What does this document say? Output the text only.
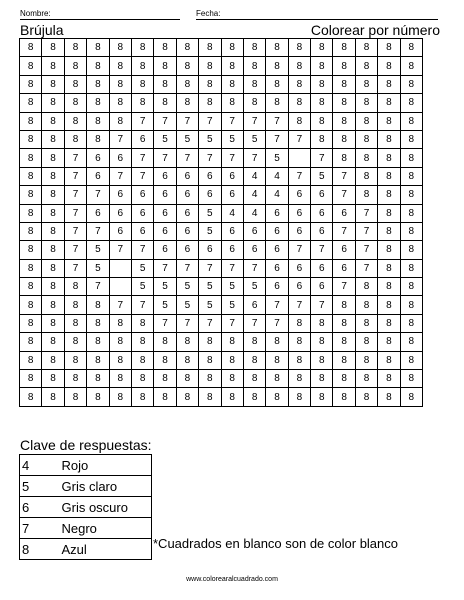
Nombre:	Fecha:
Brújula	Colorear por número
8	8	8	8	8	8	8	8	8	8	8	8	8	8	8	8	8	8
8	8	8	8	8	8	8	8	8	8	8	8	8	8	8	8	8	8
8	8	8	8	8	8	8	8	8	8	8	8	8	8	8	8	8	8
8	8	8	8	8	8	8	8	8	8	8	8	8	8	8	8	8	8
8	8	8	8	8	7	7	7	7	7	7	7	8	8	8	8	8	8
8	8	8	8	7	6	5	5	5	5	5	7	7	8	8	8	8	8
8	8	7	6	6	7	7	7	7	7	7	5		7	8	8	8	8
8	8	7	6	7	7	6	6	6	6	4	4	7	5	7	8	8	8
8	8	7	7	6	6	6	6	6	6	4	4	6	6	7	8	8	8
8	8	7	6	6	6	6	6	5	4	4	6	6	6	6	7	8	8
8	8	7	7	6	6	6	6	5	6	6	6	6	6	7	7	8	8
8	8	7	5	7	7	6	6	6	6	6	6	7	7	6	7	8	8
8	8	7	5		5	7	7	7	7	7	6	6	6	6	7	8	8
8	8	8	7		5	5	5	5	5	5	6	6	6	7	8	8	8
8	8	8	8	7	7	5	5	5	5	6	7	7	7	8	8	8	8
8	8	8	8	8	8	7	7	7	7	7	7	8	8	8	8	8	8
8	8	8	8	8	8	8	8	8	8	8	8	8	8	8	8	8	8
8	8	8	8	8	8	8	8	8	8	8	8	8	8	8	8	8	8
8	8	8	8	8	8	8	8	8	8	8	8	8	8	8	8	8	8
8	8	8	8	8	8	8	8	8	8	8	8	8	8	8	8	8	8
Clave de respuestas:
4	Rojo
5	Gris claro
6	Gris oscuro
7	Negro
8	Azul	*Cuadrados en blanco son de color blanco
www.colorearalcuadrado.com
